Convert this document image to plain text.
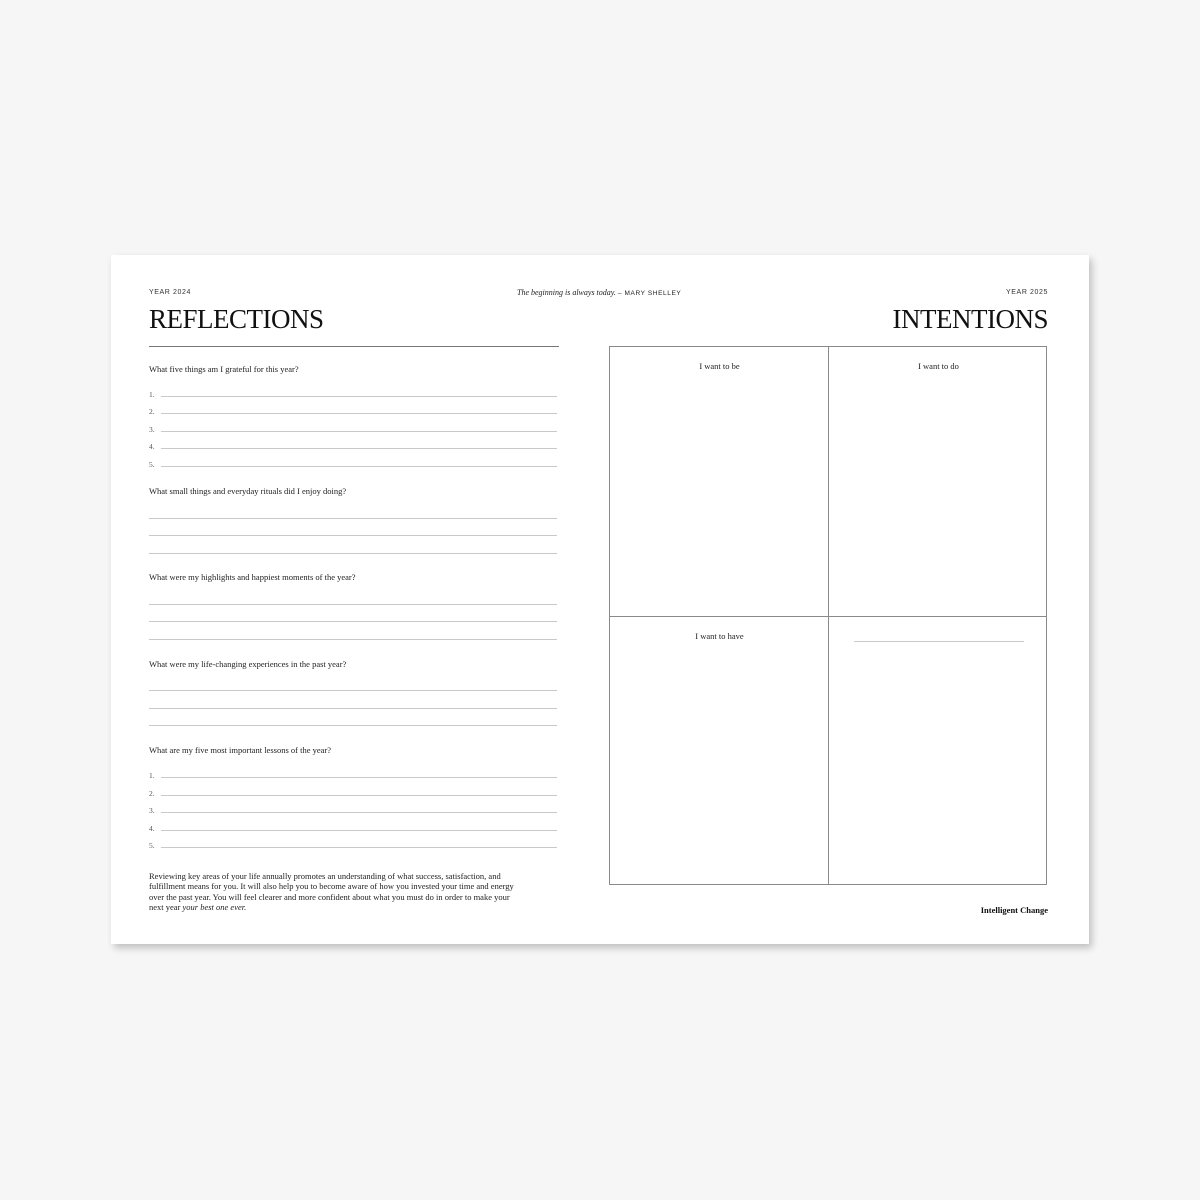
YEAR 2024
REFLECTIONS
The beginning is always today. – MARY SHELLEY	YEAR 2025
INTENTIONS
What five things am I grateful for this year?
1.
2.
3.
4.
5.
What small things and everyday rituals did I enjoy doing?
What were my highlights and happiest moments of the year?
What were my life-changing experiences in the past year?
What are my five most important lessons of the year?
1.
2.
3.
4.
5.
Reviewing key areas of your life annually promotes an understanding of what success, satisfaction, and fulfillment means for you. It will also help you to become aware of how you invested your time and energy over the past year. You will feel clearer and more confident about what you must do in order to make your next year your best one ever.
I want to be	I want to do
I want to have
Intelligent Change
